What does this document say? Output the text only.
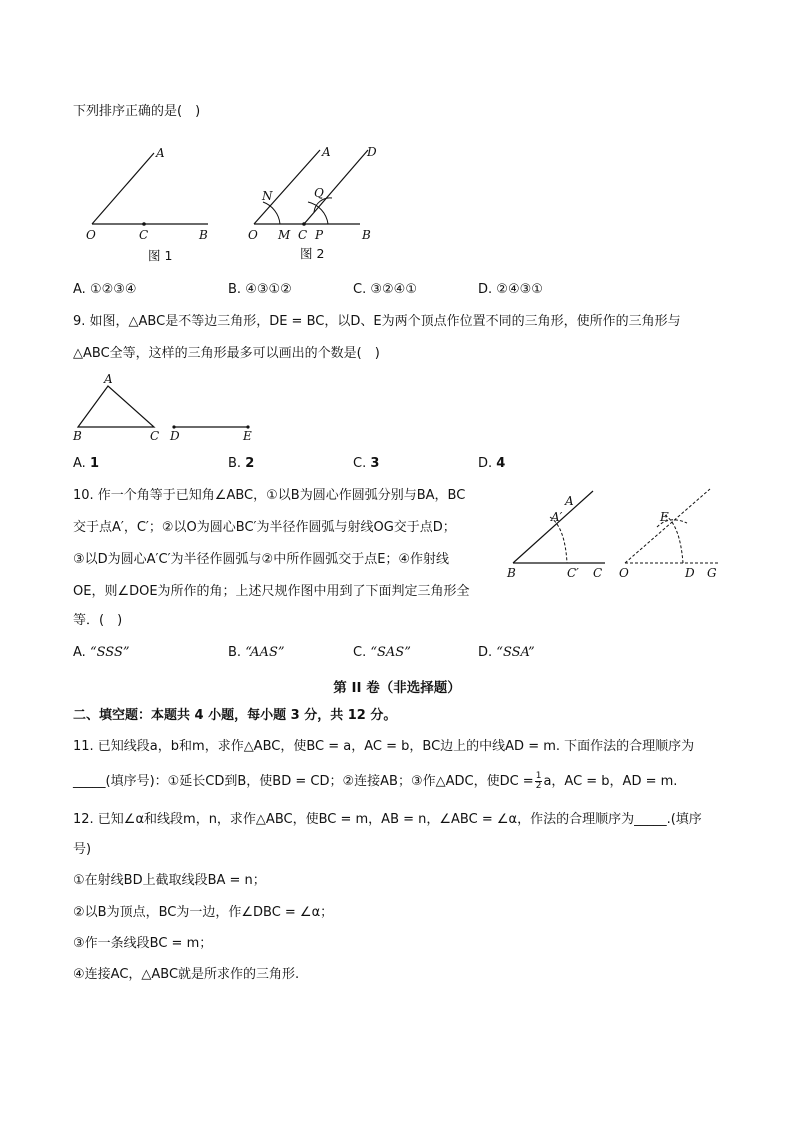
下列排序正确的是(　)
A
O	C	B
图 1
A	D
N	Q
O M C P	B
图 2
A. ①②③④	B. ④③①②	C. ③②④①	D. ②④③①
9. 如图，△ABC是不等边三角形，DE = BC，以D、E为两个顶点作位置不同的三角形，使所作的三角形与
△ABC全等，这样的三角形最多可以画出的个数是(　)
A
B	C D	E
A. 1	B. 2	C. 3	D. 4
10. 作一个角等于已知角∠ABC，①以B为圆心作圆弧分别与BA，BC
交于点A′，C′；②以O为圆心BC′为半径作圆弧与射线OG交于点D；
③以D为圆心A′C′为半径作圆弧与②中所作圆弧交于点E；④作射线
OE，则∠DOE为所作的角；上述尺规作图中用到了下面判定三角形全
等．(　)
A
A′
B	C′ C
E
O	D G
A. “SSS”	B. “AAS”	C. “SAS”	D. “SSA”
第 II 卷（非选择题）
二、填空题：本题共 4 小题，每小题 3 分，共 12 分。
11. 已知线段a，b和m，求作△ABC，使BC = a，AC = b，BC边上的中线AD = m. 下面作法的合理顺序为
_____(填序号)：①延长CD到B，使BD = CD；②连接AB；③作△ADC，使DC = $\frac{1}{2}$ a，AC = b，AD = m.
12. 已知∠α和线段m，n，求作△ABC，使BC = m，AB = n，∠ABC = ∠α，作法的合理顺序为_____.(填序
号)
①在射线BD上截取线段BA = n；
②以B为顶点，BC为一边，作∠DBC = ∠α；
③作一条线段BC = m；
④连接AC，△ABC就是所求作的三角形.
